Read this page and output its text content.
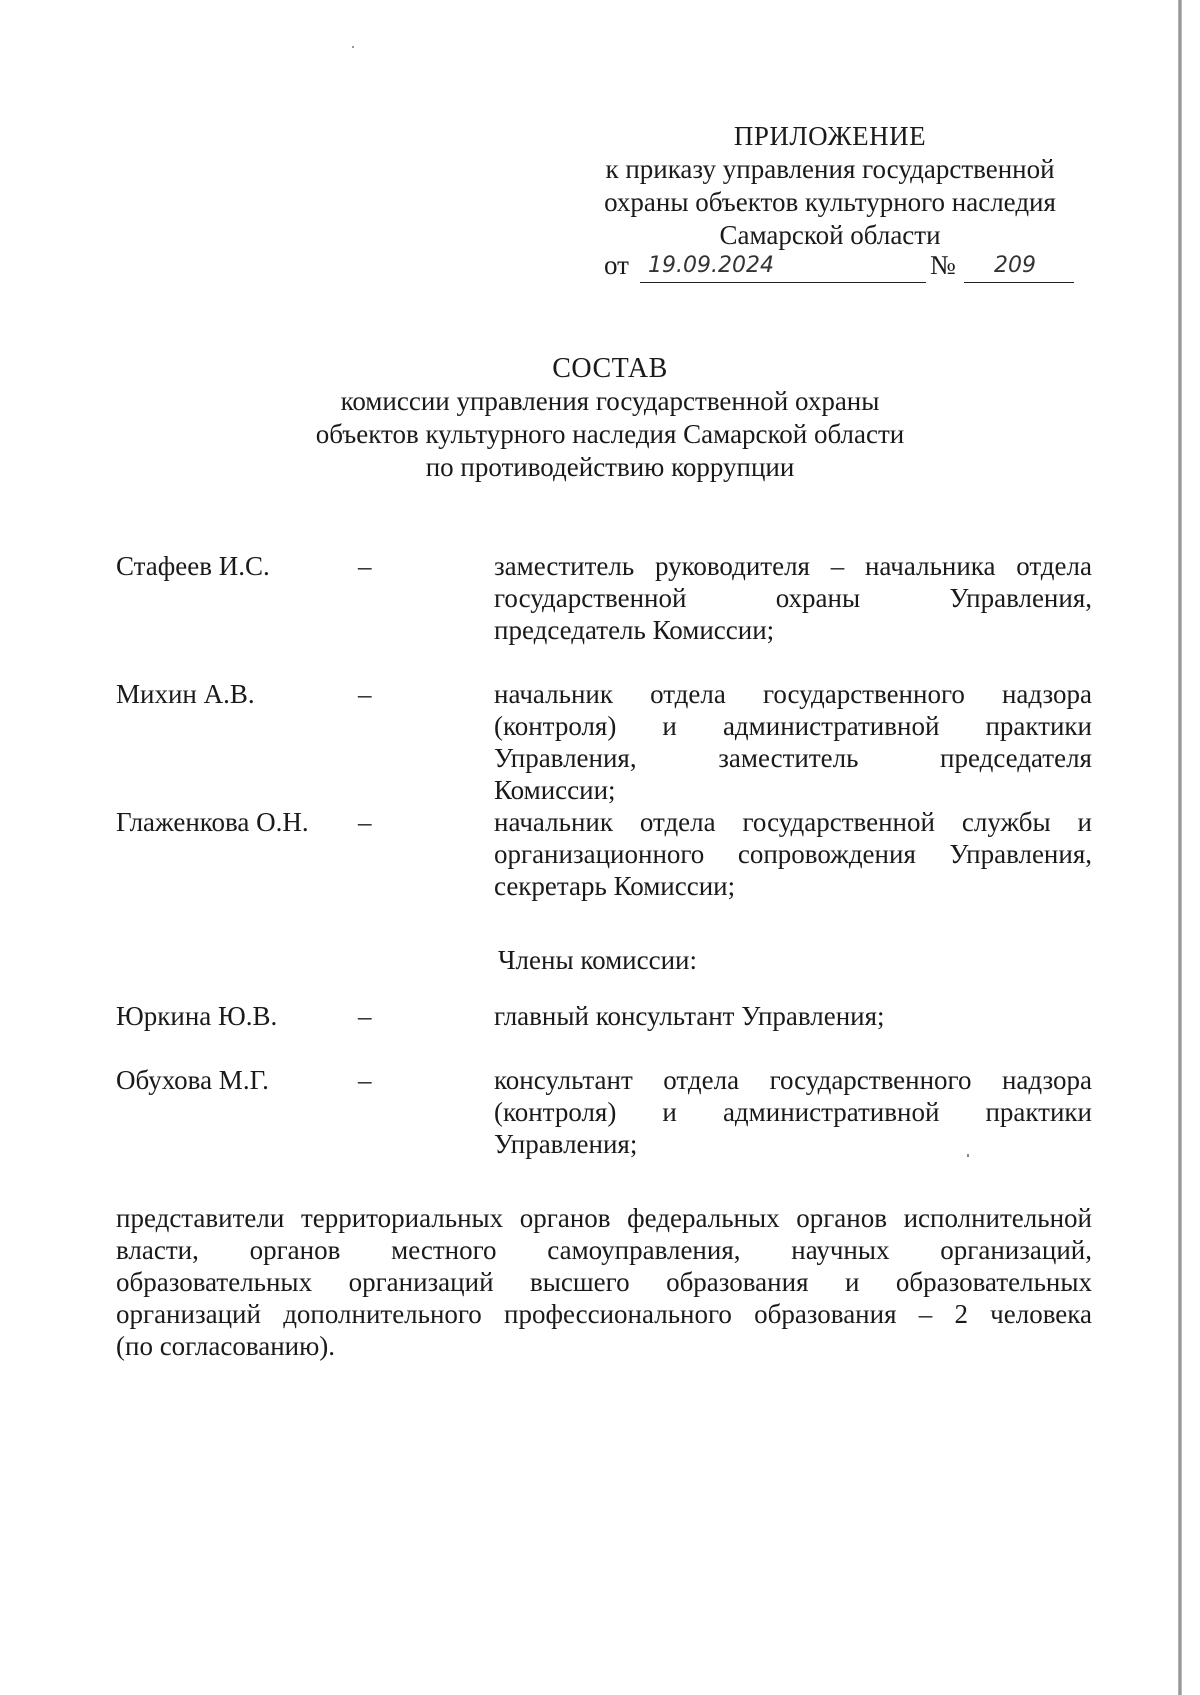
ПРИЛОЖЕНИЕ
к приказу управления государственной
охраны объектов культурного наследия
Самарской области
от 19.09.2024	№ 209
СОСТАВ
комиссии управления государственной охраны
объектов культурного наследия Самарской области
по противодействию коррупции
Стафеев И.С.	–	заместитель руководителя – начальника отдела
государственной	охраны	Управления,
председатель Комиссии;
Михин А.В.	–	начальник отдела государственного надзора
(контроля) и административной практики
Управления,	заместитель	председателя
Комиссии;
Глаженкова О.Н. –	начальник отдела государственной службы и
организационного сопровождения Управления,
секретарь Комиссии;
Члены комиссии:
Юркина Ю.В.	–	главный консультант Управления;
Обухова М.Г.	–	консультант отдела государственного надзора
(контроля) и административной практики
Управления;
представители территориальных органов федеральных органов исполнительной
власти, органов местного самоуправления, научных организаций,
образовательных организаций высшего образования и образовательных
организаций дополнительного профессионального образования – 2 человека
(по согласованию).
